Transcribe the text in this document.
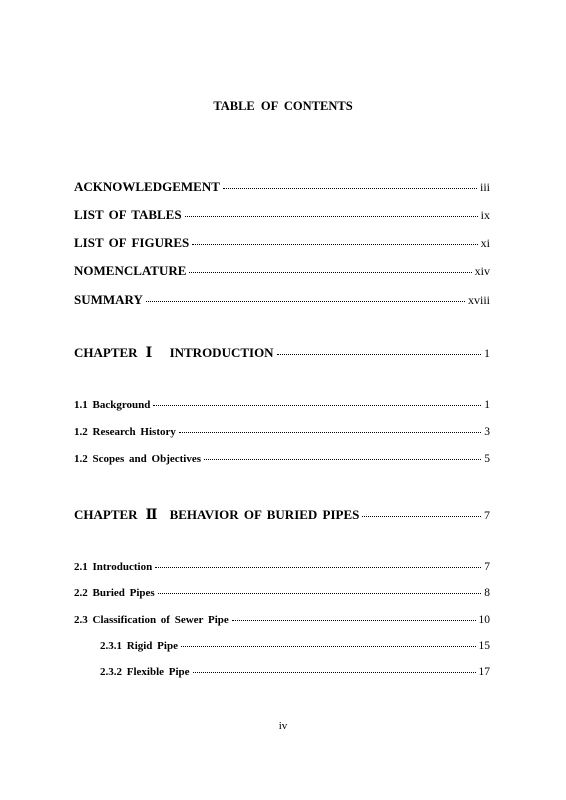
TABLE OF CONTENTS
ACKNOWLEDGEMENT	iii
LIST OF TABLES	ix
LIST OF FIGURES	xi
NOMENCLATURE	xiv
SUMMARY	xviii
CHAPTER Ⅰ	INTRODUCTION	1
1.1 Background	1
1.2 Research History	3
1.2 Scopes and Objectives	5
CHAPTER Ⅱ BEHAVIOR OF BURIED PIPES	7
2.1 Introduction	7
2.2 Buried Pipes	8
2.3 Classification of Sewer Pipe	10
2.3.1 Rigid Pipe	15
2.3.2 Flexible Pipe	17
iv
